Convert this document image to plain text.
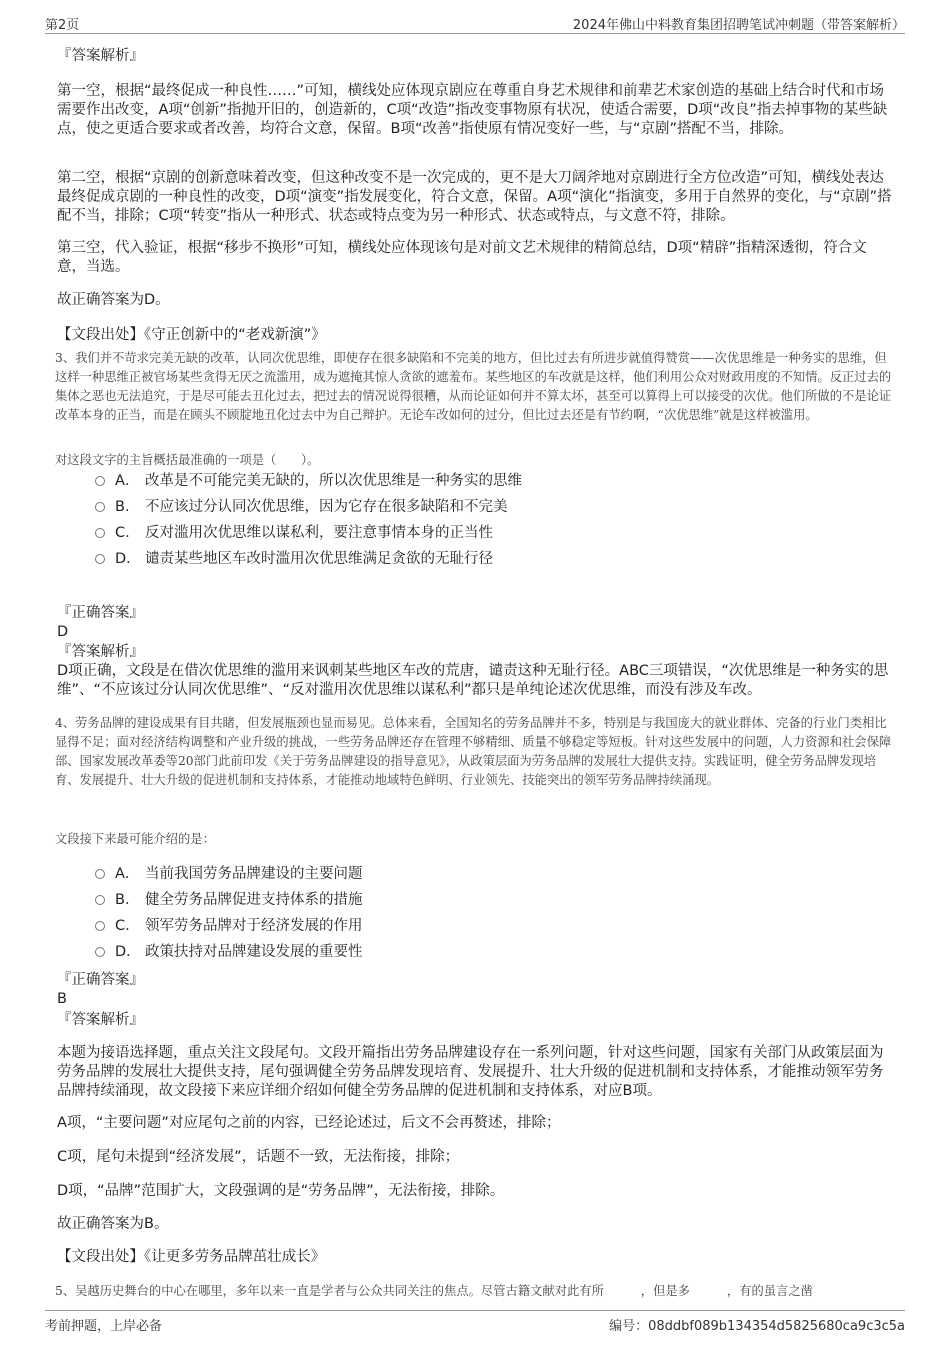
第2页	2024年佛山中料教育集团招聘笔试冲刺题（带答案解析）
『答案解析』
第一空，根据“最终促成一种良性……”可知，横线处应体现京剧应在尊重自身艺术规律和前辈艺术家创造的基础上结合时代和市场需要作出改变，A项“创新”指抛开旧的，创造新的，C项“改造”指改变事物原有状况，使适合需要，D项“改良”指去掉事物的某些缺点，使之更适合要求或者改善，均符合文意，保留。B项“改善”指使原有情况变好一些，与“京剧”搭配不当，排除。
第二空，根据“京剧的创新意味着改变，但这种改变不是一次完成的，更不是大刀阔斧地对京剧进行全方位改造”可知，横线处表达最终促成京剧的一种良性的改变，D项“演变”指发展变化，符合文意，保留。A项“演化”指演变，多用于自然界的变化，与“京剧”搭配不当，排除；C项“转变”指从一种形式、状态或特点变为另一种形式、状态或特点，与文意不符，排除。
第三空，代入验证，根据“移步不换形”可知，横线处应体现该句是对前文艺术规律的精简总结，D项“精辟”指精深透彻，符合文意，当选。
故正确答案为D。
【文段出处】《守正创新中的“老戏新演”》
3、我们并不苛求完美无缺的改革，认同次优思维，即使存在很多缺陷和不完美的地方，但比过去有所进步就值得赞赏——次优思维是一种务实的思维，但这样一种思维正被官场某些贪得无厌之流滥用，成为遮掩其惊人贪欲的遮羞布。某些地区的车改就是这样，他们利用公众对财政用度的不知情。反正过去的集体之恶也无法追究，于是尽可能去丑化过去，把过去的情况说得很糟，从而论证如何并不算太坏，甚至可以算得上可以接受的次优。他们所做的不是论证改革本身的正当，而是在顾头不顾腚地丑化过去中为自己辩护。无论车改如何的过分，但比过去还是有节约啊，“次优思维”就是这样被滥用。
对这段文字的主旨概括最准确的一项是（　　）。
A． 改革是不可能完美无缺的，所以次优思维是一种务实的思维
B． 不应该过分认同次优思维，因为它存在很多缺陷和不完美
C． 反对滥用次优思维以谋私利，要注意事情本身的正当性
D． 谴责某些地区车改时滥用次优思维满足贪欲的无耻行径
『正确答案』
D
『答案解析』
D项正确，文段是在借次优思维的滥用来讽刺某些地区车改的荒唐，谴责这种无耻行径。ABC三项错误，“次优思维是一种务实的思维”、“不应该过分认同次优思维”、“反对滥用次优思维以谋私利”都只是单纯论述次优思维，而没有涉及车改。
4、劳务品牌的建设成果有目共睹，但发展瓶颈也显而易见。总体来看，全国知名的劳务品牌并不多，特别是与我国庞大的就业群体、完备的行业门类相比显得不足；面对经济结构调整和产业升级的挑战，一些劳务品牌还存在管理不够精细、质量不够稳定等短板。针对这些发展中的问题，人力资源和社会保障部、国家发展改革委等20部门此前印发《关于劳务品牌建设的指导意见》，从政策层面为劳务品牌的发展壮大提供支持。实践证明，健全劳务品牌发现培育、发展提升、壮大升级的促进机制和支持体系，才能推动地域特色鲜明、行业领先、技能突出的领军劳务品牌持续涌现。
文段接下来最可能介绍的是：
A． 当前我国劳务品牌建设的主要问题
B． 健全劳务品牌促进支持体系的措施
C． 领军劳务品牌对于经济发展的作用
D． 政策扶持对品牌建设发展的重要性
『正确答案』
B
『答案解析』
本题为接语选择题，重点关注文段尾句。文段开篇指出劳务品牌建设存在一系列问题，针对这些问题，国家有关部门从政策层面为劳务品牌的发展壮大提供支持，尾句强调健全劳务品牌发现培育、发展提升、壮大升级的促进机制和支持体系，才能推动领军劳务品牌持续涌现，故文段接下来应详细介绍如何健全劳务品牌的促进机制和支持体系，对应B项。
A项，“主要问题”对应尾句之前的内容，已经论述过，后文不会再赘述，排除；
C项，尾句未提到“经济发展”，话题不一致，无法衔接，排除；
D项，“品牌”范围扩大，文段强调的是“劳务品牌”，无法衔接，排除。
故正确答案为B。
【文段出处】《让更多劳务品牌茁壮成长》
5、吴越历史舞台的中心在哪里，多年以来一直是学者与公众共同关注的焦点。尽管古籍文献对此有所　　　，但是多　　　，有的虽言之凿
考前押题，上岸必备	编号：08ddbf089b134354d5825680ca9c3c5a
